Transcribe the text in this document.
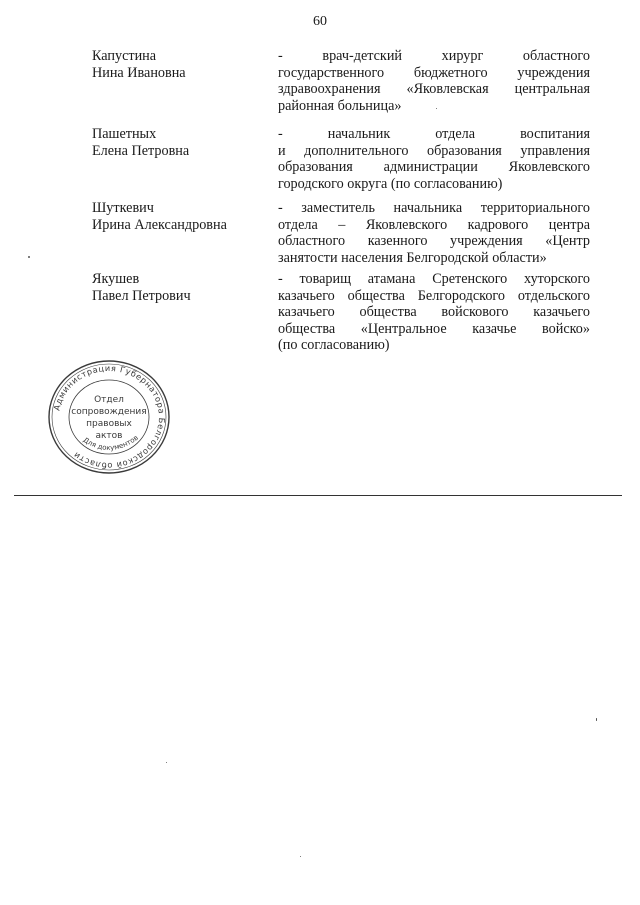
60
Капустина
Нина Ивановна
- врач-детский хирург областного
государственного бюджетного учреждения
здравоохранения «Яковлевская центральная
районная больница»
Пашетных
Елена Петровна
- начальник отдела воспитания
и дополнительного образования управления
образования администрации Яковлевского
городского округа (по согласованию)
Шуткевич
Ирина Александровна
- заместитель начальника территориального
отдела – Яковлевского кадрового центра
областного казенного учреждения «Центр
занятости населения Белгородской области»
Якушев
Павел Петрович
- товарищ атамана Сретенского хуторского
казачьего общества Белгородского отдельского
казачьего общества войскового казачьего
общества «Центральное казачье войско»
(по согласованию)
Администрация Губернатора Белгородской области
Для документов
Отдел
сопровождения
правовых
актов
